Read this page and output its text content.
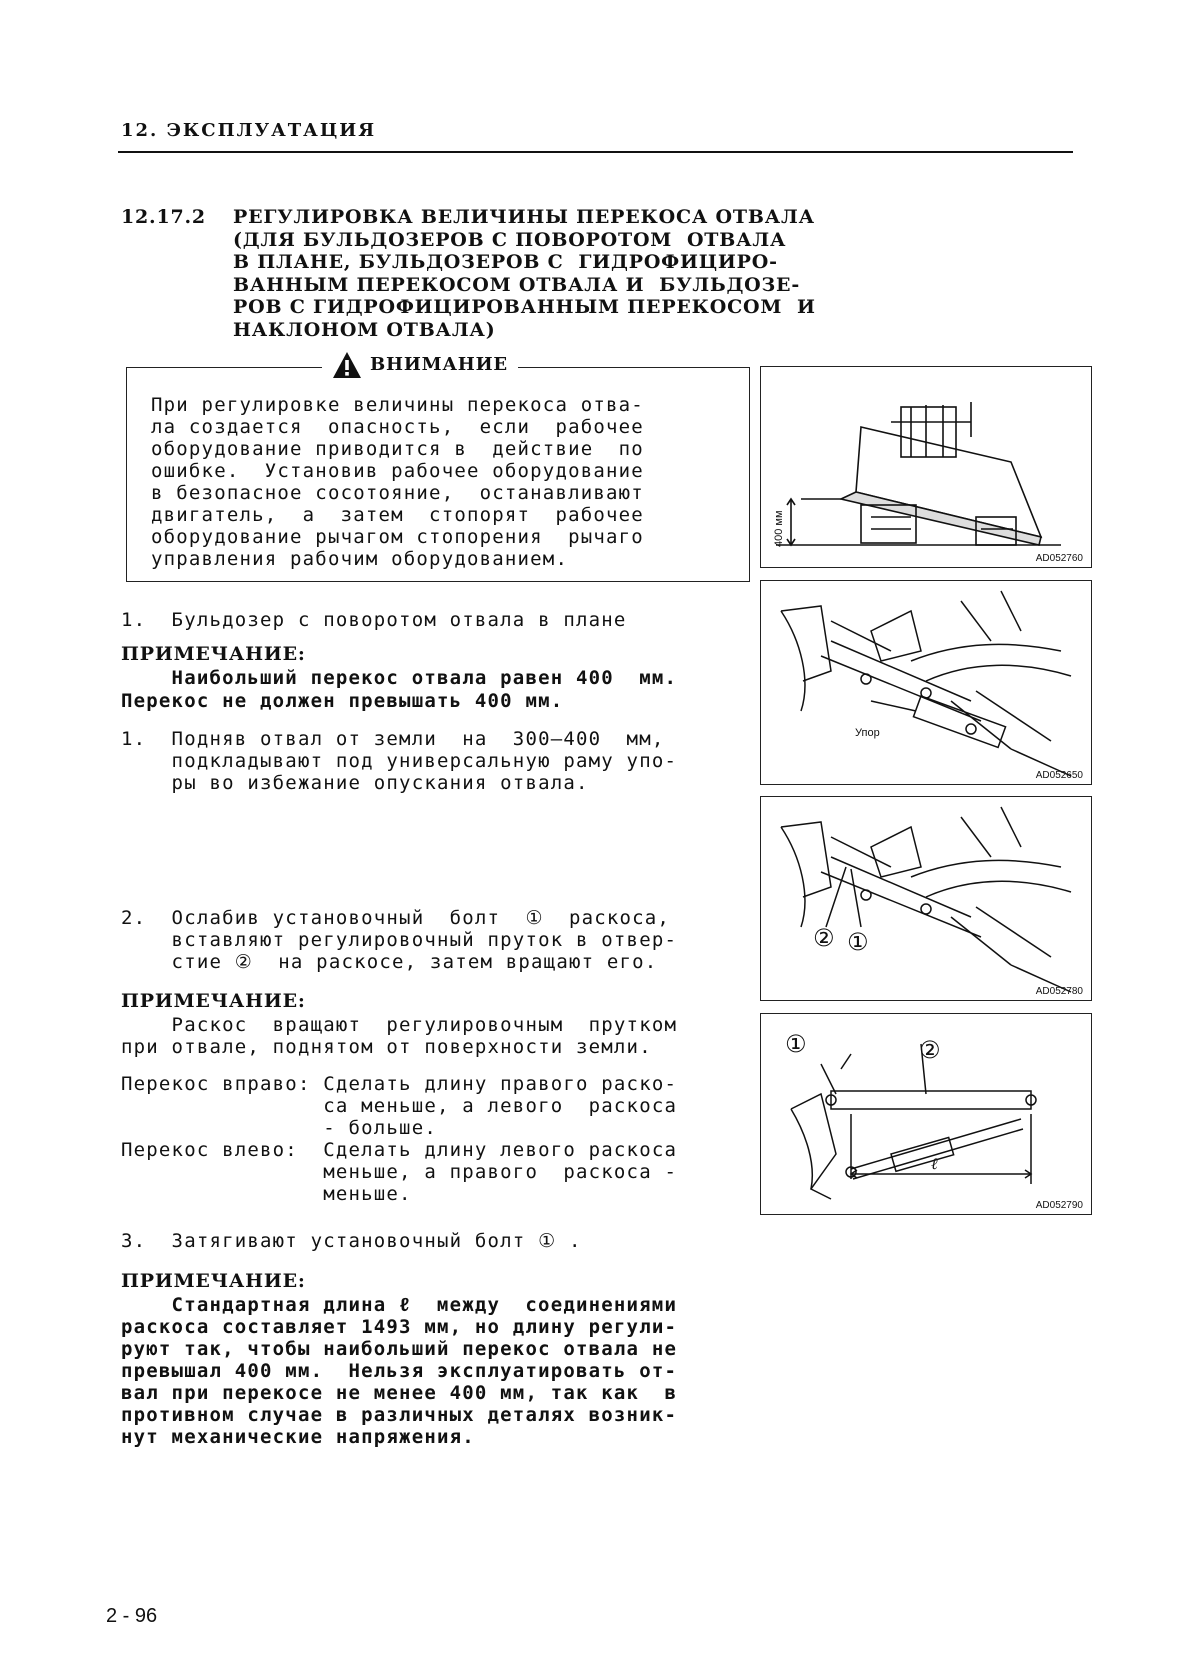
12. ЭКСПЛУАТАЦИЯ
12.17.2 РЕГУЛИРОВКА ВЕЛИЧИНЫ ПЕРЕКОСА ОТВАЛА
(ДЛЯ БУЛЬДОЗЕРОВ С ПОВОРОТОМ  ОТВАЛА
В ПЛАНЕ, БУЛЬДОЗЕРОВ С  ГИДРОФИЦИРО-
ВАННЫМ ПЕРЕКОСОМ ОТВАЛА И  БУЛЬДОЗЕ-
РОВ С ГИДРОФИЦИРОВАННЫМ ПЕРЕКОСОМ  И
НАКЛОНОМ ОТВАЛА)
ВНИМАНИЕ
При регулировке величины перекоса отва-
ла создается  опасность,  если  рабочее
оборудование приводится в  действие  по
ошибке.  Установив рабочее оборудование
в безопасное сосотояние,  останавливают
двигатель,  а  затем  стопорят  рабочее
оборудование рычагом стопорения  рычаго
управления рабочим оборудованием.
1.  Бульдозер с поворотом отвала в плане
ПРИМЕЧАНИЕ:
Наибольший перекос отвала равен 400  мм.
Перекос не должен превышать 400 мм.
1.  Подняв отвал от земли  на  300—400  мм,
подкладывают под универсальную раму упо-
ры во избежание опускания отвала.
2.  Ослабив установочный  болт  ①  раскоса,
вставляют регулировочный пруток в отвер-
стие ②  на раскосе, затем вращают его.
ПРИМЕЧАНИЕ:
Раскос  вращают  регулировочным  прутком
при отвале, поднятом от поверхности земли.
Перекос вправо: Сделать длину правого раско-
са меньше, а левого  раскоса
- больше.
Перекос влево:  Сделать длину левого раскоса
меньше, а правого  раскоса -
меньше.
3.  Затягивают установочный болт ① .
ПРИМЕЧАНИЕ:
Стандартная длина ℓ  между  соединениями
раскоса составляет 1493 мм, но длину регули-
руют так, чтобы наибольший перекос отвала не
превышал 400 мм.  Нельзя эксплуатировать от-
вал при перекосе не менее 400 мм, так как  в
противном случае в различных деталях возник-
нут механические напряжения.
400 мм
AD052760
Упор
AD052650
② ①
AD052780
①	②
ℓ
AD052790
2 - 96
